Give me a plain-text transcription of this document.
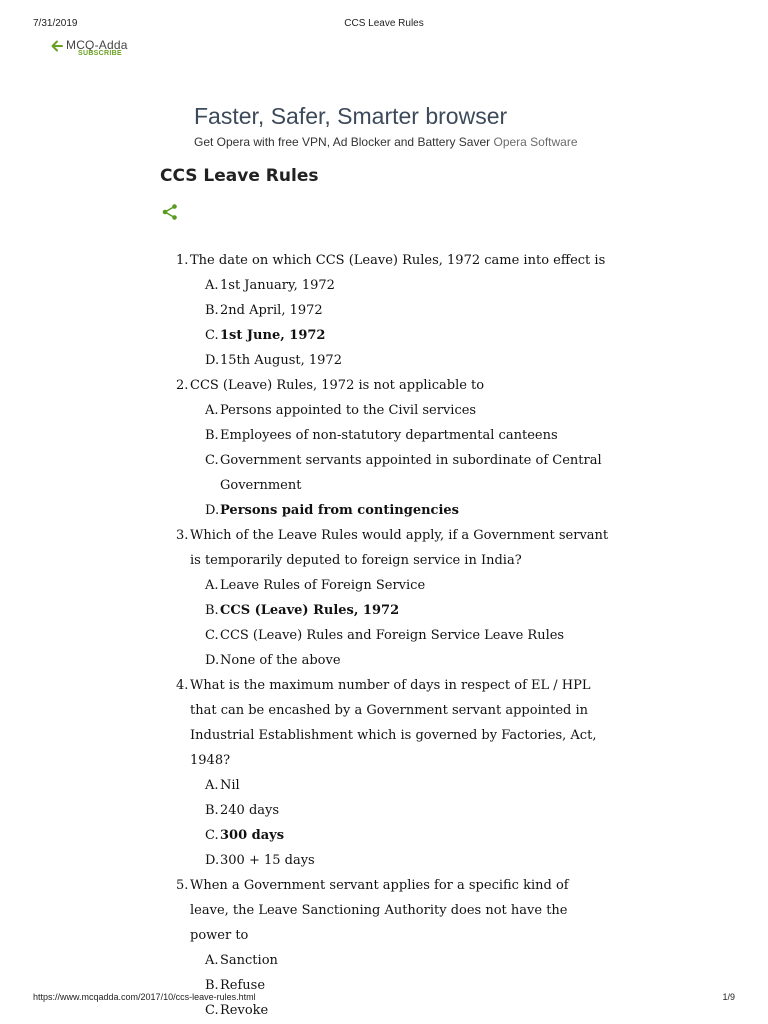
7/31/2019	CCS Leave Rules
MCQ-Adda
SUBSCRIBE

Faster, Safer, Smarter browser

Get Opera with free VPN, Ad Blocker and Battery Saver Opera Software
CCS Leave Rules
1. The date on which CCS (Leave) Rules, 1972 came into effect is
A. 1st January, 1972
B. 2nd April, 1972
C. 1st June, 1972
D. 15th August, 1972
2. CCS (Leave) Rules, 1972 is not applicable to
A. Persons appointed to the Civil services
B. Employees of non-statutory departmental canteens
C. Government servants appointed in subordinate of Central Government
D. Persons paid from contingencies
3. Which of the Leave Rules would apply, if a Government servant is temporarily deputed to foreign service in India?
A. Leave Rules of Foreign Service
B. CCS (Leave) Rules, 1972
C. CCS (Leave) Rules and Foreign Service Leave Rules
D. None of the above
4. What is the maximum number of days in respect of EL / HPL that can be encashed by a Government servant appointed in Industrial Establishment which is governed by Factories, Act, 1948?
A. Nil
B. 240 days
C. 300 days
D. 300 + 15 days
5. When a Government servant applies for a specific kind of leave, the Leave Sanctioning Authority does not have the power to
A. Sanction
B. Refuse
C. Revoke
https://www.mcqadda.com/2017/10/ccs-leave-rules.html	1/9
